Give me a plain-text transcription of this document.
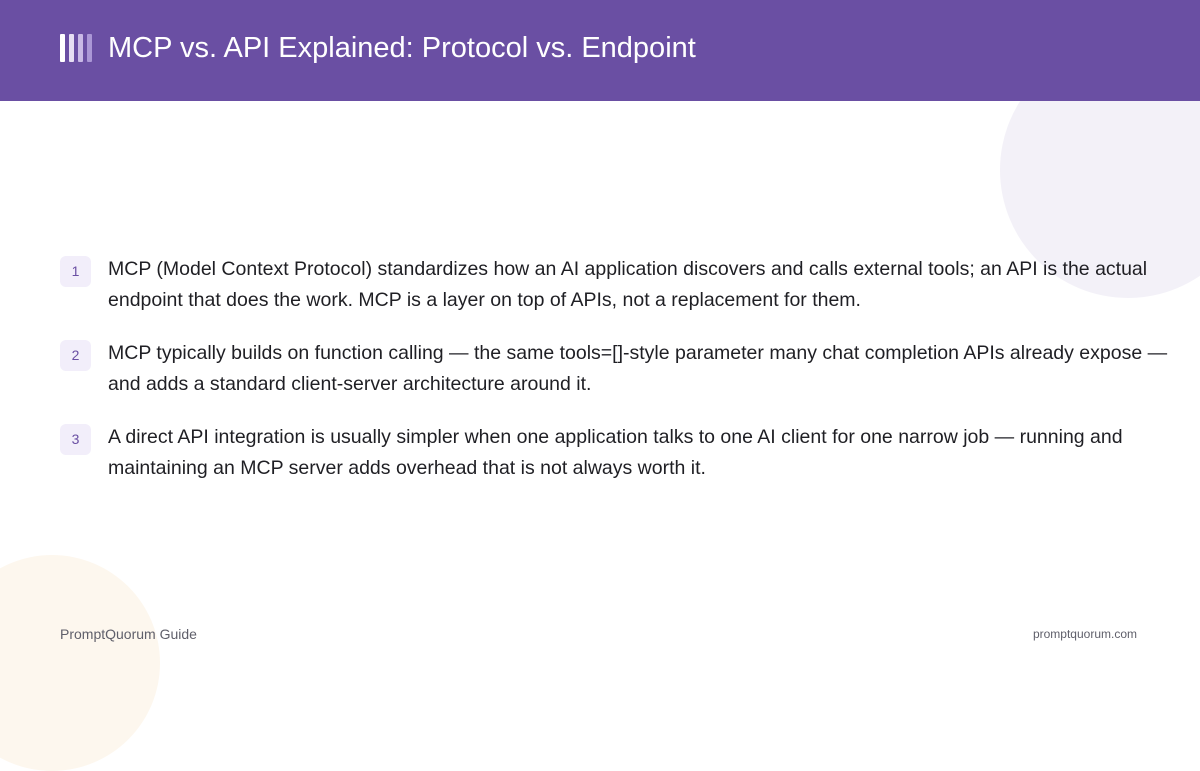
MCP vs. API Explained: Protocol vs. Endpoint
1	MCP (Model Context Protocol) standardizes how an AI application discovers and calls external tools; an API is the actual endpoint that does the work. MCP is a layer on top of APIs, not a replacement for them.

2	MCP typically builds on function calling — the same tools=[]-style parameter many chat completion APIs already expose — and adds a standard client-server architecture around it.

3	A direct API integration is usually simpler when one application talks to one AI client for one narrow job — running and maintaining an MCP server adds overhead that is not always worth it.

PromptQuorum Guide	promptquorum.com
